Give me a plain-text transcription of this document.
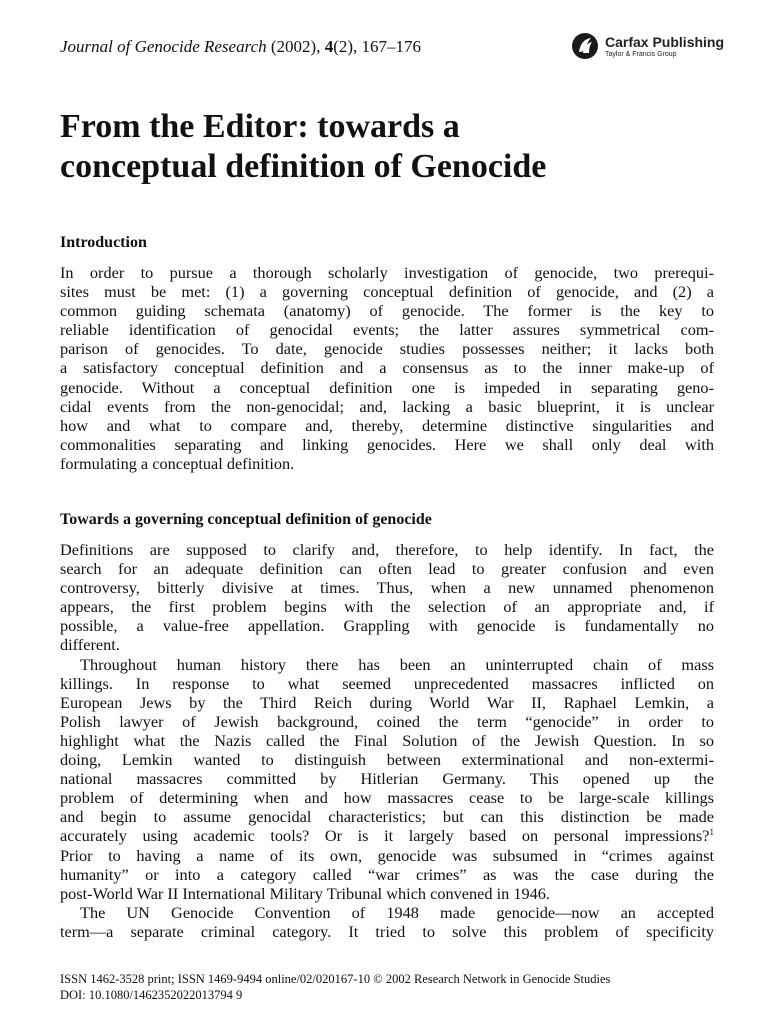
Journal of Genocide Research (2002), 4(2), 167–176	Carfax Publishing
Taylor & Francis Group
From the Editor: towards a
conceptual definition of Genocide
Introduction
In order to pursue a thorough scholarly investigation of genocide, two prerequi-
sites must be met: (1) a governing conceptual definition of genocide, and (2) a
common guiding schemata (anatomy) of genocide. The former is the key to
reliable identification of genocidal events; the latter assures symmetrical com-
parison of genocides. To date, genocide studies possesses neither; it lacks both
a satisfactory conceptual definition and a consensus as to the inner make-up of
genocide. Without a conceptual definition one is impeded in separating geno-
cidal events from the non-genocidal; and, lacking a basic blueprint, it is unclear
how and what to compare and, thereby, determine distinctive singularities and
commonalities separating and linking genocides. Here we shall only deal with
formulating a conceptual definition.
Towards a governing conceptual definition of genocide
Definitions are supposed to clarify and, therefore, to help identify. In fact, the
search for an adequate definition can often lead to greater confusion and even
controversy, bitterly divisive at times. Thus, when a new unnamed phenomenon
appears, the first problem begins with the selection of an appropriate and, if
possible, a value-free appellation. Grappling with genocide is fundamentally no
different.
Throughout human history there has been an uninterrupted chain of mass
killings. In response to what seemed unprecedented massacres inflicted on
European Jews by the Third Reich during World War II, Raphael Lemkin, a
Polish lawyer of Jewish background, coined the term “genocide” in order to
highlight what the Nazis called the Final Solution of the Jewish Question. In so
doing, Lemkin wanted to distinguish between exterminational and non-extermi-
national massacres committed by Hitlerian Germany. This opened up the
problem of determining when and how massacres cease to be large-scale killings
and begin to assume genocidal characteristics; but can this distinction be made
accurately using academic tools? Or is it largely based on personal impressions?$^1$
Prior to having a name of its own, genocide was subsumed in “crimes against
humanity” or into a category called “war crimes” as was the case during the
post-World War II International Military Tribunal which convened in 1946.
The UN Genocide Convention of 1948 made genocide—now an accepted
term—a separate criminal category. It tried to solve this problem of specificity
ISSN 1462-3528 print; ISSN 1469-9494 online/02/020167-10 © 2002 Research Network in Genocide Studies
DOI: 10.1080/1462352022013794 9
